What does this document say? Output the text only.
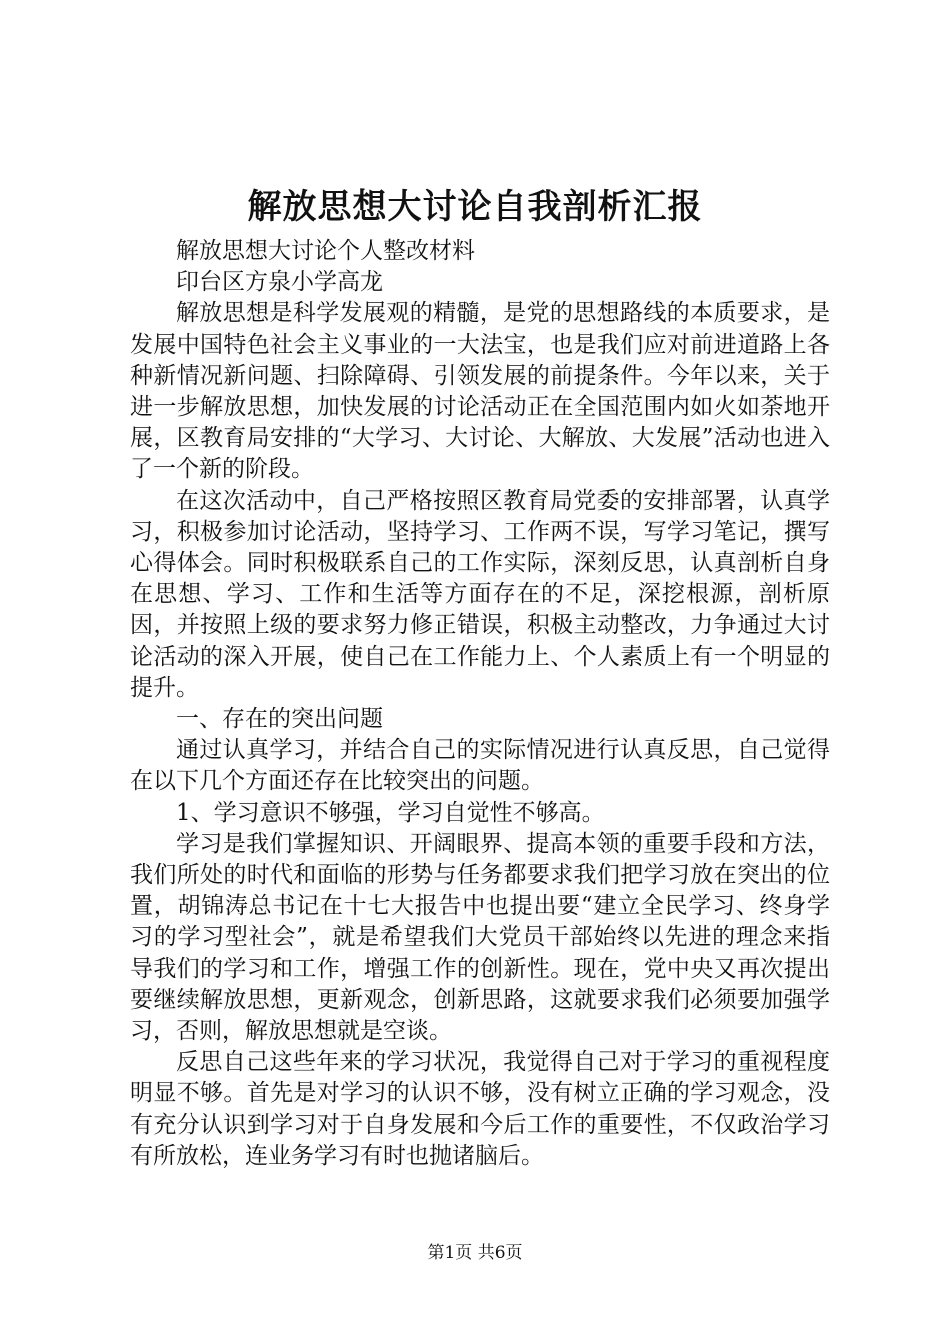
解放思想大讨论自我剖析汇报

解放思想大讨论个人整改材料

印台区方泉小学高龙

解放思想是科学发展观的精髓，是党的思想路线的本质要求，是发展中国特色社会主义事业的一大法宝，也是我们应对前进道路上各种新情况新问题、扫除障碍、引领发展的前提条件。今年以来，关于进一步解放思想，加快发展的讨论活动正在全国范围内如火如荼地开展，区教育局安排的“大学习、大讨论、大解放、大发展”活动也进入了一个新的阶段。

在这次活动中，自己严格按照区教育局党委的安排部署，认真学习，积极参加讨论活动，坚持学习、工作两不误，写学习笔记，撰写心得体会。同时积极联系自己的工作实际，深刻反思，认真剖析自身在思想、学习、工作和生活等方面存在的不足，深挖根源，剖析原因，并按照上级的要求努力修正错误，积极主动整改，力争通过大讨论活动的深入开展，使自己在工作能力上、个人素质上有一个明显的提升。

一、存在的突出问题

通过认真学习，并结合自己的实际情况进行认真反思，自己觉得在以下几个方面还存在比较突出的问题。

1、学习意识不够强，学习自觉性不够高。

学习是我们掌握知识、开阔眼界、提高本领的重要手段和方法，我们所处的时代和面临的形势与任务都要求我们把学习放在突出的位置，胡锦涛总书记在十七大报告中也提出要“建立全民学习、终身学习的学习型社会”，就是希望我们大党员干部始终以先进的理念来指导我们的学习和工作，增强工作的创新性。现在，党中央又再次提出要继续解放思想，更新观念，创新思路，这就要求我们必须要加强学习，否则，解放思想就是空谈。

反思自己这些年来的学习状况，我觉得自己对于学习的重视程度明显不够。首先是对学习的认识不够，没有树立正确的学习观念，没有充分认识到学习对于自身发展和今后工作的重要性，不仅政治学习有所放松，连业务学习有时也抛诸脑后。

第1页 共6页
